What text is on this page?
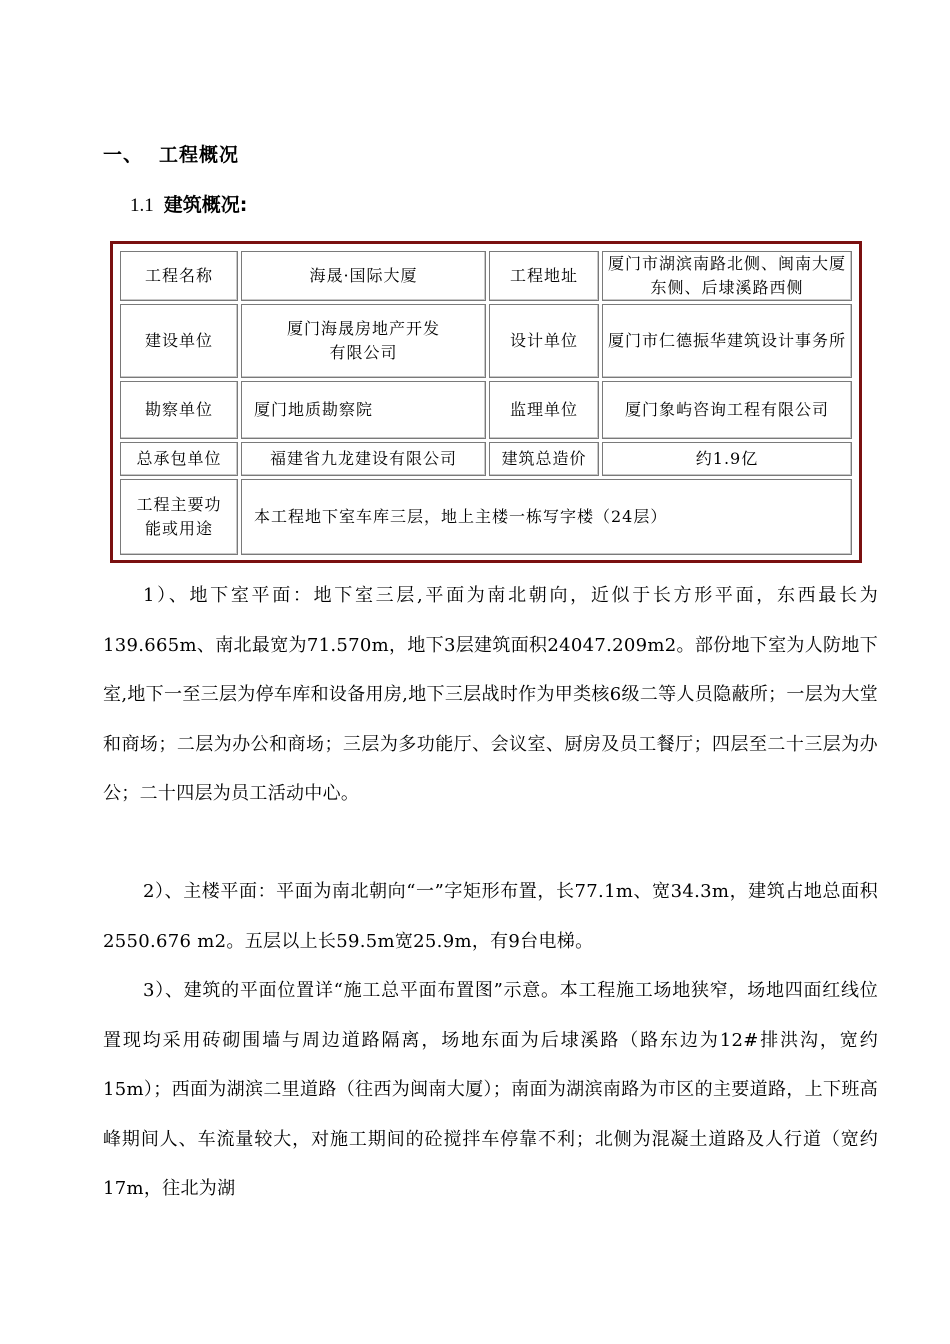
一、 工程概况
1.1 建筑概况:
工程名称	海晟·国际大厦	工程地址	厦门市湖滨南路北侧、闽南大厦东侧、后埭溪路西侧
建设单位	厦门海晟房地产开发有限公司	设计单位	厦门市仁德振华建筑设计事务所
勘察单位	厦门地质勘察院	监理单位	厦门象屿咨询工程有限公司
总承包单位	福建省九龙建设有限公司	建筑总造价	约1.9亿
工程主要功能或用途	本工程地下室车库三层，地上主楼一栋写字楼（24层）		
1）、地下室平面：地下室三层,平面为南北朝向，近似于长方形平面，东西最长为139.665m、南北最宽为71.570m，地下3层建筑面积24047.209m2。部份地下室为人防地下室,地下一至三层为停车库和设备用房,地下三层战时作为甲类核6级二等人员隐蔽所；一层为大堂和商场；二层为办公和商场；三层为多功能厅、会议室、厨房及员工餐厅；四层至二十三层为办公；二十四层为员工活动中心。
2）、主楼平面：平面为南北朝向“一”字矩形布置，长77.1m、宽34.3m，建筑占地总面积2550.676 m2。五层以上长59.5m宽25.9m，有9台电梯。
3）、建筑的平面位置详“施工总平面布置图”示意。本工程施工场地狭窄，场地四面红线位置现均采用砖砌围墙与周边道路隔离，场地东面为后埭溪路（路东边为12#排洪沟，宽约15m）；西面为湖滨二里道路（往西为闽南大厦）；南面为湖滨南路为市区的主要道路，上下班高峰期间人、车流量较大，对施工期间的砼搅拌车停靠不利；北侧为混凝土道路及人行道（宽约17m，往北为湖
